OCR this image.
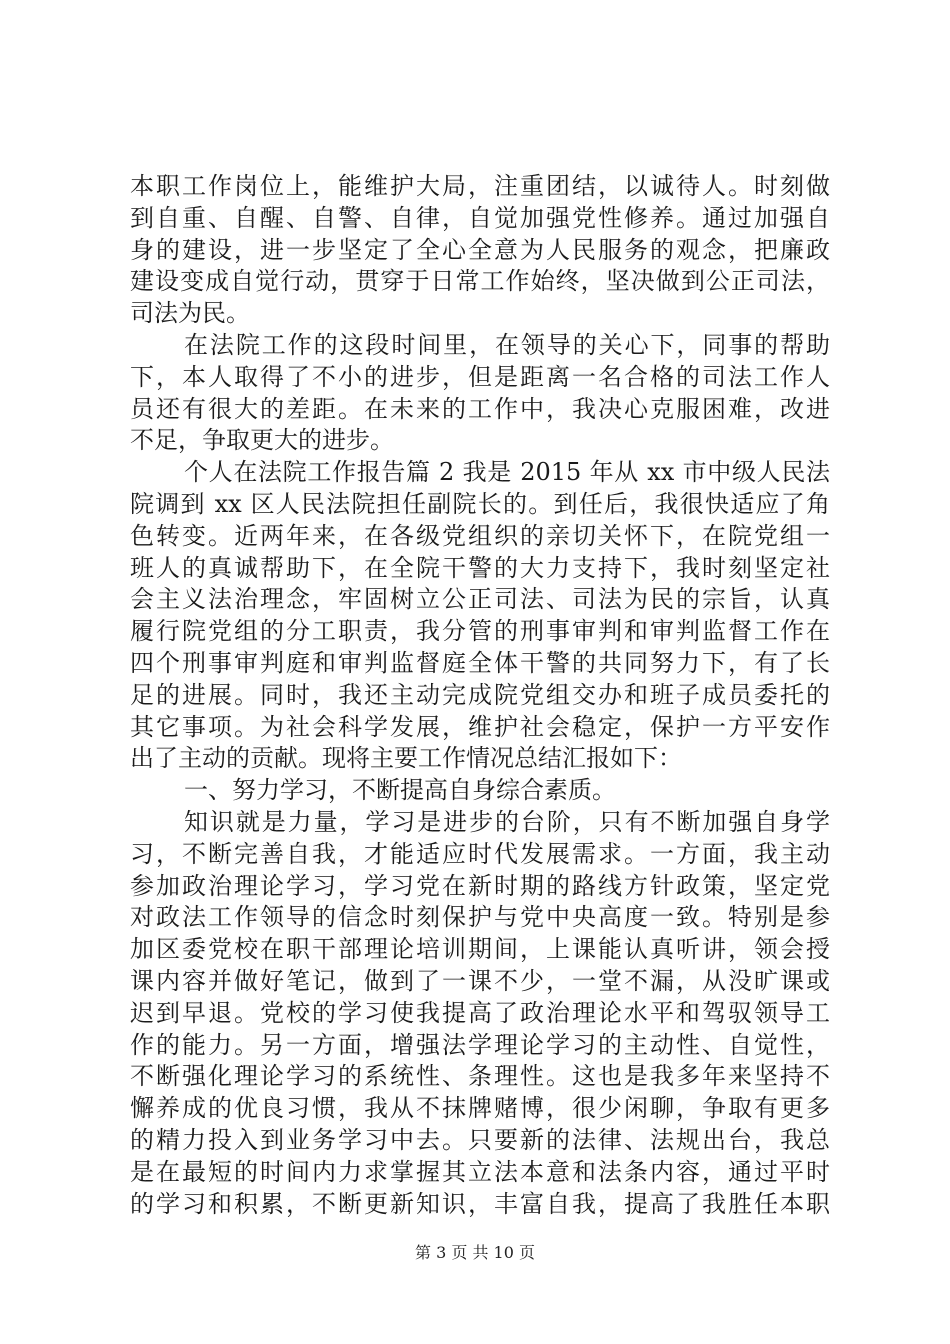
本职工作岗位上，能维护大局，注重团结，以诚待人。时刻做
到自重、自醒、自警、自律，自觉加强党性修养。通过加强自
身的建设，进一步坚定了全心全意为人民服务的观念，把廉政
建设变成自觉行动，贯穿于日常工作始终，坚决做到公正司法，
司法为民。
在法院工作的这段时间里，在领导的关心下，同事的帮助
下，本人取得了不小的进步，但是距离一名合格的司法工作人
员还有很大的差距。在未来的工作中，我决心克服困难，改进
不足，争取更大的进步。
个人在法院工作报告篇 2 我是 2015 年从 xx 市中级人民法
院调到 xx 区人民法院担任副院长的。到任后，我很快适应了角
色转变。近两年来，在各级党组织的亲切关怀下，在院党组一
班人的真诚帮助下，在全院干警的大力支持下，我时刻坚定社
会主义法治理念，牢固树立公正司法、司法为民的宗旨，认真
履行院党组的分工职责，我分管的刑事审判和审判监督工作在
四个刑事审判庭和审判监督庭全体干警的共同努力下，有了长
足的进展。同时，我还主动完成院党组交办和班子成员委托的
其它事项。为社会科学发展，维护社会稳定，保护一方平安作
出了主动的贡献。现将主要工作情况总结汇报如下：
一、努力学习，不断提高自身综合素质。
知识就是力量，学习是进步的台阶，只有不断加强自身学
习，不断完善自我，才能适应时代发展需求。一方面，我主动
参加政治理论学习，学习党在新时期的路线方针政策，坚定党
对政法工作领导的信念时刻保护与党中央高度一致。特别是参
加区委党校在职干部理论培训期间，上课能认真听讲，领会授
课内容并做好笔记，做到了一课不少，一堂不漏，从没旷课或
迟到早退。党校的学习使我提高了政治理论水平和驾驭领导工
作的能力。另一方面，增强法学理论学习的主动性、自觉性，
不断强化理论学习的系统性、条理性。这也是我多年来坚持不
懈养成的优良习惯，我从不抹牌赌博，很少闲聊，争取有更多
的精力投入到业务学习中去。只要新的法律、法规出台，我总
是在最短的时间内力求掌握其立法本意和法条内容，通过平时
的学习和积累，不断更新知识，丰富自我，提高了我胜任本职
第 3 页 共 10 页
